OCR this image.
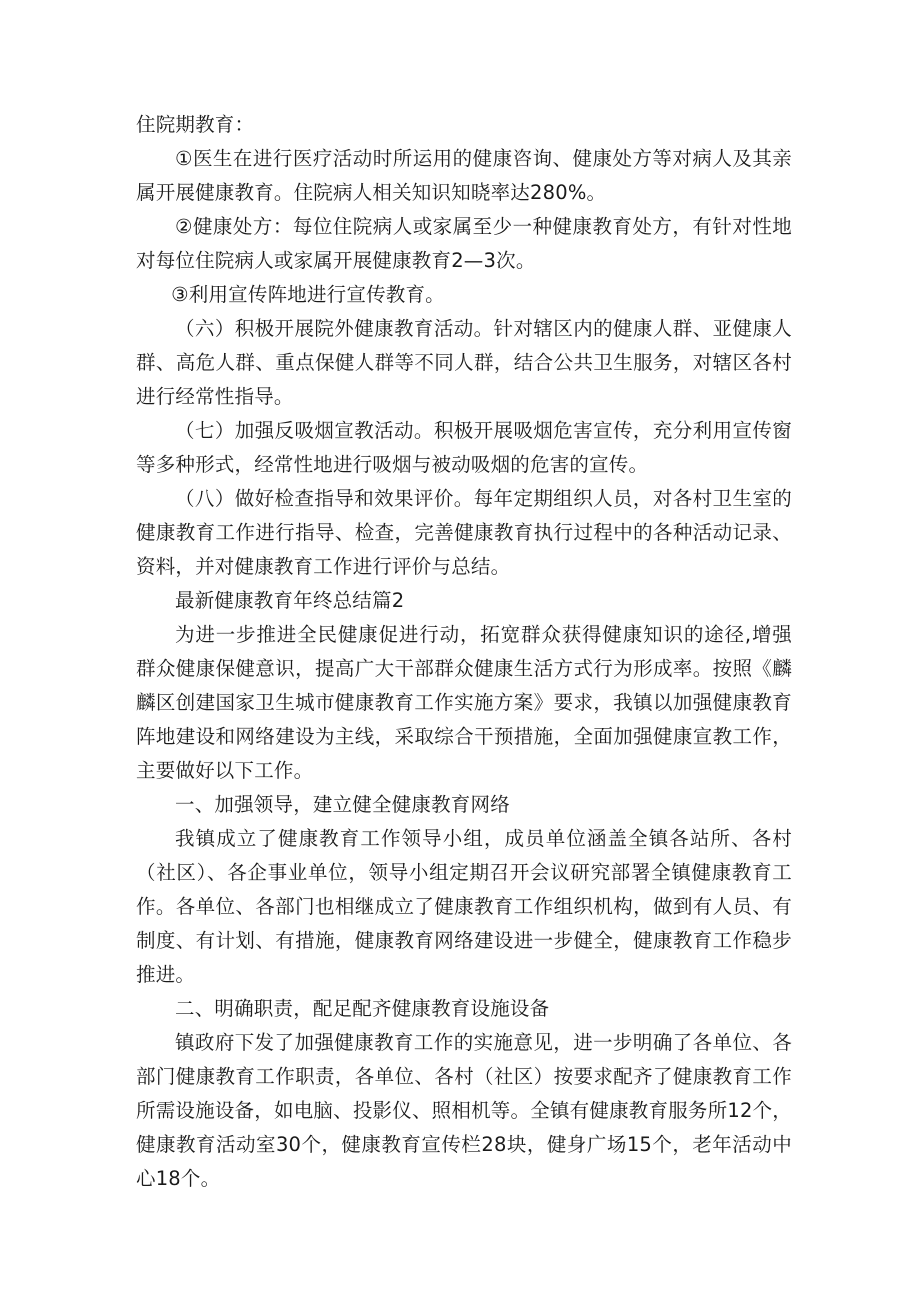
住院期教育：

①医生在进行医疗活动时所运用的健康咨询、健康处方等对病人及其亲属开展健康教育。住院病人相关知识知晓率达280%。

②健康处方：每位住院病人或家属至少一种健康教育处方，有针对性地对每位住院病人或家属开展健康教育2—3次。

③利用宣传阵地进行宣传教育。

（六）积极开展院外健康教育活动。针对辖区内的健康人群、亚健康人群、高危人群、重点保健人群等不同人群，结合公共卫生服务，对辖区各村进行经常性指导。

（七）加强反吸烟宣教活动。积极开展吸烟危害宣传，充分利用宣传窗等多种形式，经常性地进行吸烟与被动吸烟的危害的宣传。

（八）做好检查指导和效果评价。每年定期组织人员，对各村卫生室的健康教育工作进行指导、检查，完善健康教育执行过程中的各种活动记录、资料，并对健康教育工作进行评价与总结。

最新健康教育年终总结篇2

为进一步推进全民健康促进行动，拓宽群众获得健康知识的途径,增强群众健康保健意识，提高广大干部群众健康生活方式行为形成率。按照《麟麟区创建国家卫生城市健康教育工作实施方案》要求，我镇以加强健康教育阵地建设和网络建设为主线，采取综合干预措施，全面加强健康宣教工作，主要做好以下工作。

一、加强领导，建立健全健康教育网络

我镇成立了健康教育工作领导小组，成员单位涵盖全镇各站所、各村（社区）、各企事业单位，领导小组定期召开会议研究部署全镇健康教育工作。各单位、各部门也相继成立了健康教育工作组织机构，做到有人员、有制度、有计划、有措施，健康教育网络建设进一步健全，健康教育工作稳步推进。

二、明确职责，配足配齐健康教育设施设备

镇政府下发了加强健康教育工作的实施意见，进一步明确了各单位、各部门健康教育工作职责，各单位、各村（社区）按要求配齐了健康教育工作所需设施设备，如电脑、投影仪、照相机等。全镇有健康教育服务所12个，健康教育活动室30个，健康教育宣传栏28块，健身广场15个，老年活动中心18个。
